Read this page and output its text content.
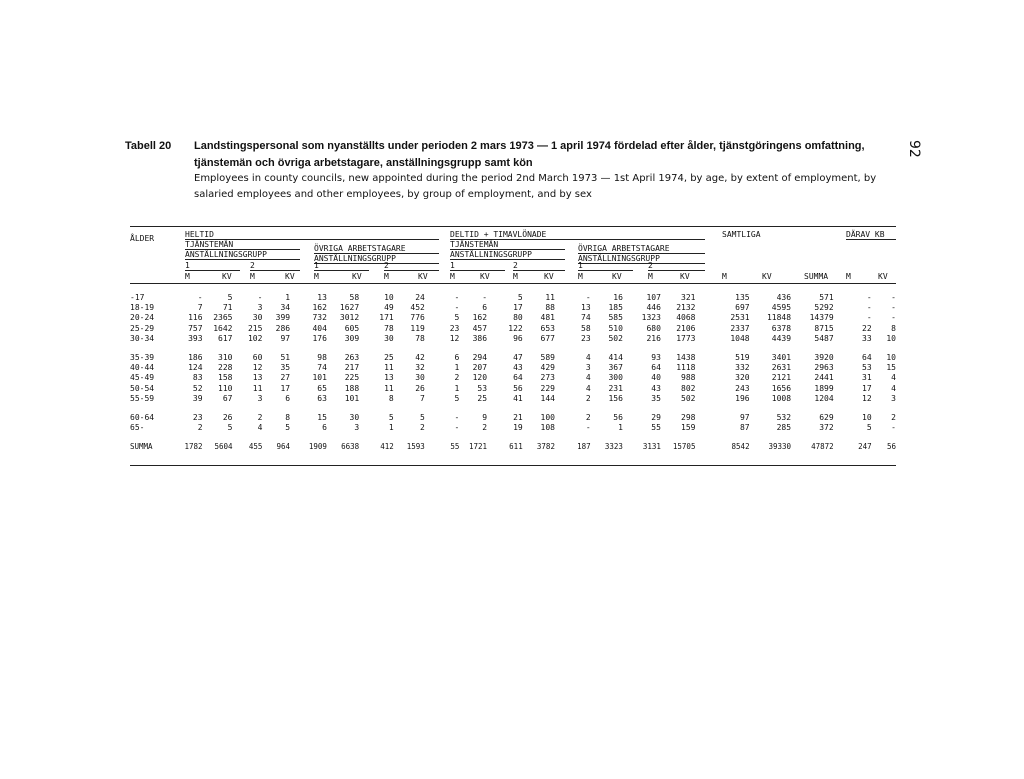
92
Tabell 20 Landstingspersonal som nyanställts under perioden 2 mars 1973 — 1 april 1974 fördelad efter ålder, tjänstgöringens omfattning, tjänstemän och övriga arbetstagare, anställningsgrupp samt kön
Employees in county councils, new appointed during the period 2nd March 1973 — 1st April 1974, by age, by extent of employment, by salaried employees and other employees, by group of employment, and by sex
ÅLDER	HELTID
TJÄNSTEMÄN	ÖVRIGA ARBETSTAGARE
ANSTÄLLNINGSGRUPP	ANSTÄLLNINGSGRUPP
DELTID + TIMAVLÖNADE
TJÄNSTEMÄN	ÖVRIGA ARBETSTAGARE
ANSTÄLLNINGSGRUPP	ANSTÄLLNINGSGRUPP
SAMTLIGA	DÄRAV KB
1	2	1	2	1	2	1	2
M	KV M	KV M	KV	M	KV	M	KV	M	KV	M	KV	M	KV	M	KV	SUMMA M	KV
-17	-	5	-	1	13	58	10	24	-	-	5	11	-	16	107	321	135	436	571	-	-
18-19	7	71	3	34	162	1627	49	452	-	6	17	88	13	185	446	2132	697	4595	5292	-	-
20-24	116	2365	30	399	732	3012	171	776	5	162	80	481	74	585	1323	4068	2531	11848	14379	-	-
25-29	757	1642	215	286	404	605	78	119	23	457	122	653	58	510	680	2106	2337	6378	8715	22	8
30-34	393	617	102	97	176	309	30	78	12	386	96	677	23	502	216	1773	1048	4439	5487	33	10

35-39	186	310	60	51	98	263	25	42	6	294	47	589	4	414	93	1438	519	3401	3920	64	10
40-44	124	228	12	35	74	217	11	32	1	207	43	429	3	367	64	1118	332	2631	2963	53	15
45-49	83	158	13	27	101	225	13	30	2	120	64	273	4	300	40	988	320	2121	2441	31	4
50-54	52	110	11	17	65	188	11	26	1	53	56	229	4	231	43	802	243	1656	1899	17	4
55-59	39	67	3	6	63	101	8	7	5	25	41	144	2	156	35	502	196	1008	1204	12	3

60-64	23	26	2	8	15	30	5	5	-	9	21	100	2	56	29	298	97	532	629	10	2
65-	2	5	4	5	6	3	1	2	-	2	19	108	-	1	55	159	87	285	372	5	-

SUMMA	1782	5604	455	964	1909	6638	412	1593	55	1721	611	3782	187	3323	3131	15705	8542	39330	47872	247	56
